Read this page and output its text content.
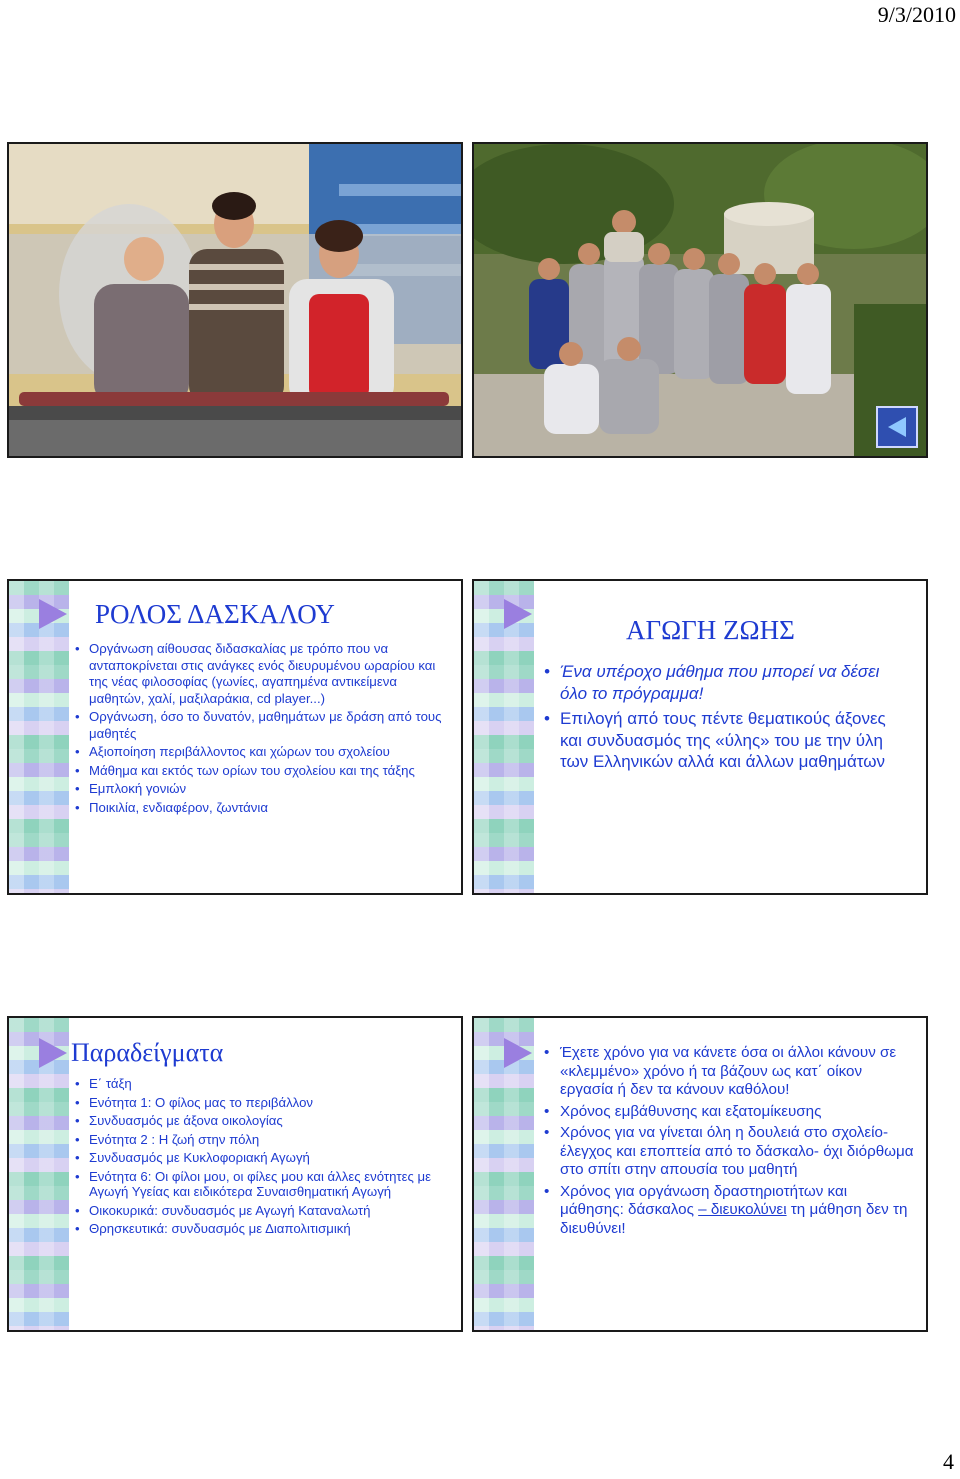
9/3/2010
ΡΟΛΟΣ ΔΑΣΚΑΛΟΥ
• Οργάνωση αίθουσας διδασκαλίας με τρόπο που να ανταποκρίνεται στις ανάγκες ενός διευρυμένου ωραρίου και της νέας φιλοσοφίας (γωνίες, αγαπημένα αντικείμενα μαθητών, χαλί, μαξιλαράκια, cd player...)
• Οργάνωση, όσο το δυνατόν, μαθημάτων με δράση από τους μαθητές
• Αξιοποίηση περιβάλλοντος και χώρων του σχολείου
• Μάθημα και εκτός των ορίων του σχολείου και της τάξης
• Εμπλοκή γονιών
• Ποικιλία, ενδιαφέρον, ζωντάνια
ΑΓΩΓΗ ΖΩΗΣ
• Ένα υπέροχο μάθημα που μπορεί να δέσει όλο το πρόγραμμα!
• Επιλογή από τους πέντε θεματικούς άξονες και συνδυασμός της «ύλης» του με την ύλη των Ελληνικών αλλά και άλλων μαθημάτων
Παραδείγματα
• Ε΄ τάξη
• Ενότητα 1: Ο φίλος μας το περιβάλλον
• Συνδυασμός με άξονα οικολογίας
• Ενότητα 2 : Η ζωή στην πόλη
• Συνδυασμός με Κυκλοφοριακή Αγωγή
• Ενότητα 6: Οι φίλοι μου, οι φίλες μου και άλλες ενότητες με Αγωγή Υγείας και ειδικότερα Συναισθηματική Αγωγή
• Οικοκυρικά: συνδυασμός με Αγωγή Καταναλωτή
• Θρησκευτικά: συνδυασμός με Διαπολιτισμική
• Έχετε χρόνο για να κάνετε όσα οι άλλοι κάνουν σε «κλεμμένο» χρόνο ή τα βάζουν ως κατ΄ οίκον εργασία ή δεν τα κάνουν καθόλου!
• Χρόνος εμβάθυνσης και εξατομίκευσης
• Χρόνος για να γίνεται όλη η δουλειά στο σχολείο- έλεγχος και εποπτεία από το δάσκαλο- όχι διόρθωμα στο σπίτι στην απουσία του μαθητή
• Χρόνος για οργάνωση δραστηριοτήτων και μάθησης: δάσκαλος – διευκολύνει τη μάθηση δεν τη διευθύνει!
4
